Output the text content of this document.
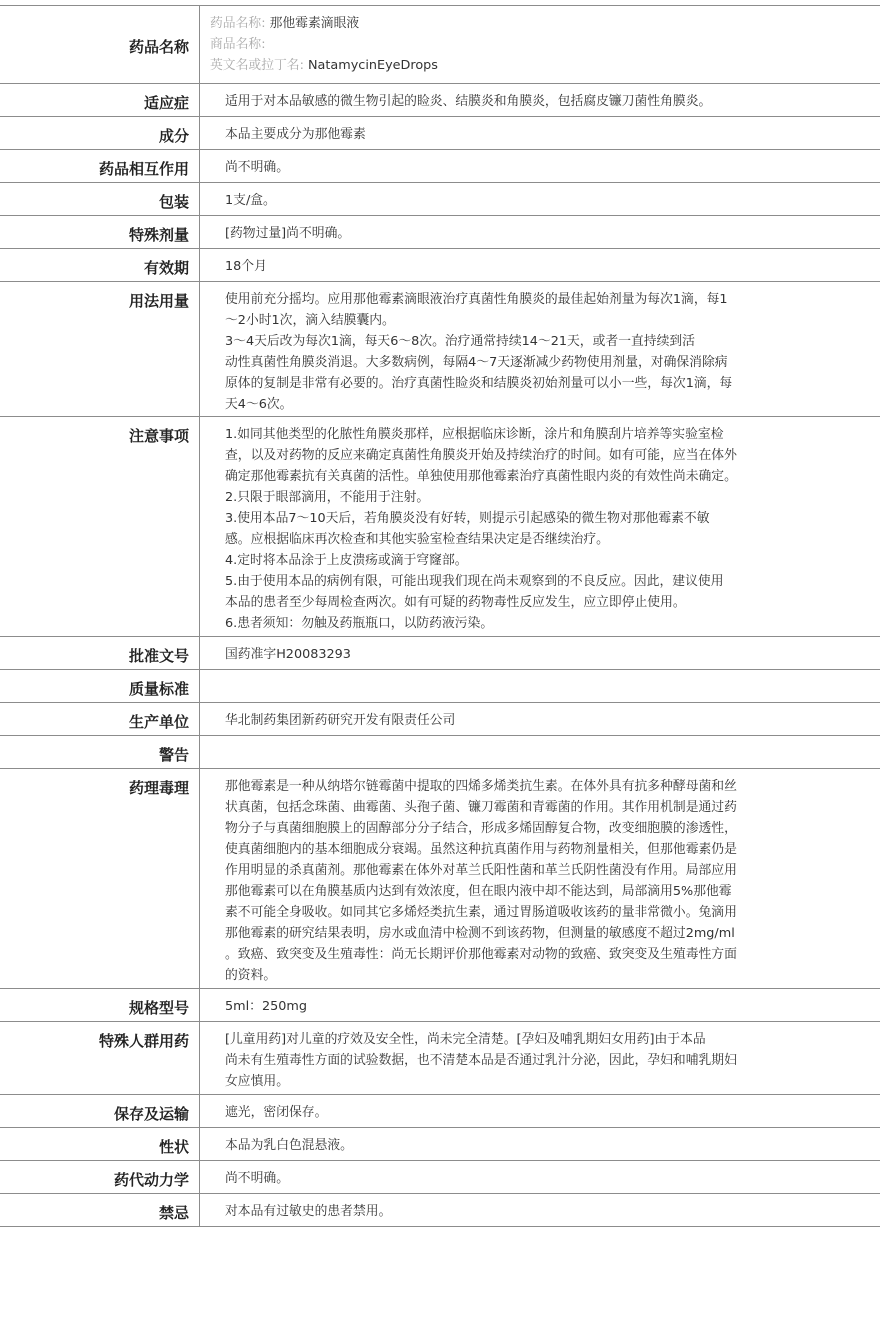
药品名称
药品名称: 那他霉素滴眼液
商品名称:
英文名或拉丁名: NatamycinEyeDrops
适应症	适用于对本品敏感的微生物引起的睑炎、结膜炎和角膜炎，包括腐皮镰刀菌性角膜炎。
成分	本品主要成分为那他霉素
药品相互作用	尚不明确。
包装	1支/盒。
特殊剂量	[药物过量]尚不明确。
有效期	18个月
用法用量	使用前充分摇均。应用那他霉素滴眼液治疗真菌性角膜炎的最佳起始剂量为每次1滴，每1
～2小时1次，滴入结膜囊内。
3～4天后改为每次1滴，每天6～8次。治疗通常持续14～21天，或者一直持续到活
动性真菌性角膜炎消退。大多数病例，每隔4～7天逐渐减少药物使用剂量，对确保消除病
原体的复制是非常有必要的。治疗真菌性睑炎和结膜炎初始剂量可以小一些，每次1滴，每
天4～6次。
注意事项	1.如同其他类型的化脓性角膜炎那样，应根据临床诊断，涂片和角膜刮片培养等实验室检
查，以及对药物的反应来确定真菌性角膜炎开始及持续治疗的时间。如有可能，应当在体外
确定那他霉素抗有关真菌的活性。单独使用那他霉素治疗真菌性眼内炎的有效性尚未确定。
2.只限于眼部滴用，不能用于注射。
3.使用本品7～10天后，若角膜炎没有好转，则提示引起感染的微生物对那他霉素不敏
感。应根据临床再次检查和其他实验室检查结果决定是否继续治疗。
4.定时将本品涂于上皮溃疡或滴于穹窿部。
5.由于使用本品的病例有限，可能出现我们现在尚未观察到的不良反应。因此，建议使用
本品的患者至少每周检查两次。如有可疑的药物毒性反应发生，应立即停止使用。
6.患者须知：勿触及药瓶瓶口，以防药液污染。
批准文号	国药准字H20083293
质量标准
生产单位	华北制药集团新药研究开发有限责任公司
警告
药理毒理	那他霉素是一种从纳塔尔链霉菌中提取的四烯多烯类抗生素。在体外具有抗多种酵母菌和丝
状真菌，包括念珠菌、曲霉菌、头孢子菌、镰刀霉菌和青霉菌的作用。其作用机制是通过药
物分子与真菌细胞膜上的固醇部分分子结合，形成多烯固醇复合物，改变细胞膜的渗透性，
使真菌细胞内的基本细胞成分衰竭。虽然这种抗真菌作用与药物剂量相关，但那他霉素仍是
作用明显的杀真菌剂。那他霉素在体外对革兰氏阳性菌和革兰氏阴性菌没有作用。局部应用
那他霉素可以在角膜基质内达到有效浓度，但在眼内液中却不能达到，局部滴用5%那他霉
素不可能全身吸收。如同其它多烯烃类抗生素，通过胃肠道吸收该药的量非常微小。兔滴用
那他霉素的研究结果表明，房水或血清中检测不到该药物，但测量的敏感度不超过2mg/ml
。致癌、致突变及生殖毒性：尚无长期评价那他霉素对动物的致癌、致突变及生殖毒性方面
的资料。
规格型号	5ml：250mg
特殊人群用药	[儿童用药]对儿童的疗效及安全性，尚未完全清楚。[孕妇及哺乳期妇女用药]由于本品
尚未有生殖毒性方面的试验数据，也不清楚本品是否通过乳汁分泌，因此，孕妇和哺乳期妇
女应慎用。
保存及运输	遮光，密闭保存。
性状	本品为乳白色混悬液。
药代动力学	尚不明确。
禁忌	对本品有过敏史的患者禁用。
